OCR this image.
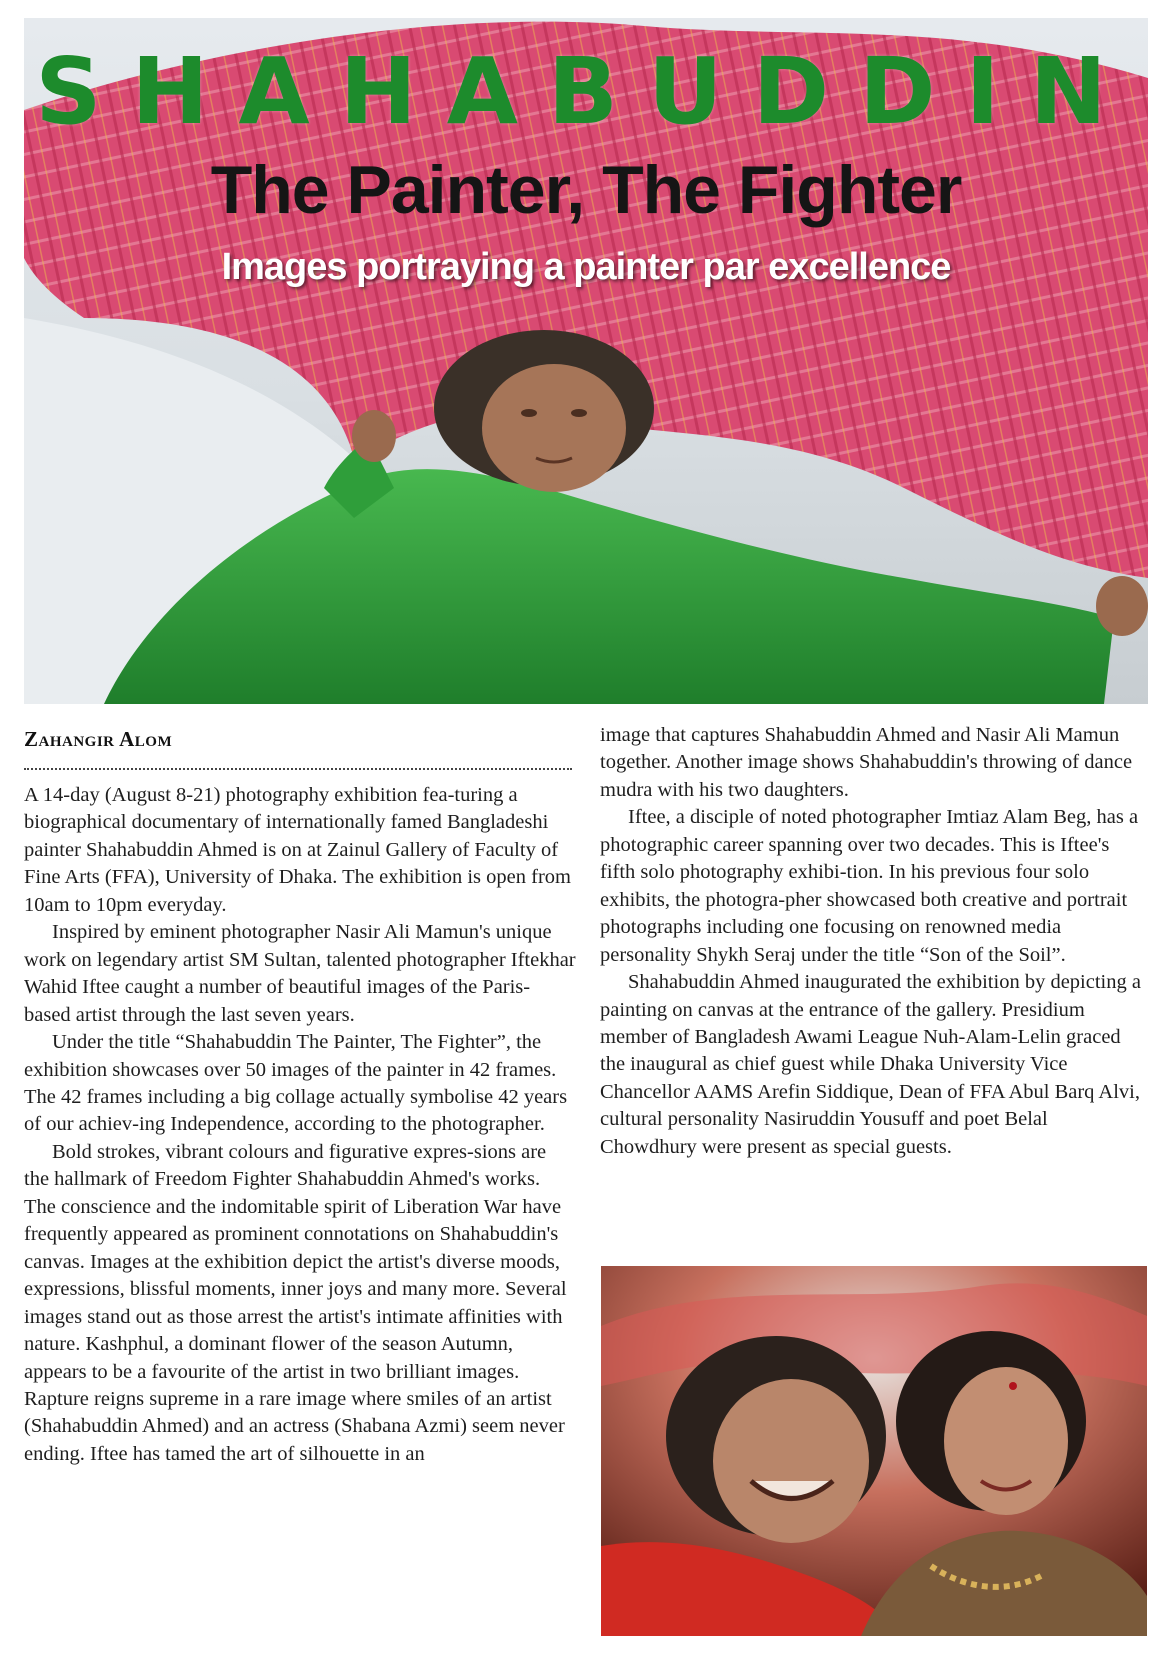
SHAHABUDDIN
The Painter, The Fighter
Images portraying a painter par excellence
Zahangir Alom

A 14-day (August 8-21) photography exhibition fea-turing a biographical documentary of internationally famed Bangladeshi painter Shahabuddin Ahmed is on at Zainul Gallery of Faculty of Fine Arts (FFA), University of Dhaka. The exhibition is open from 10am to 10pm everyday.

Inspired by eminent photographer Nasir Ali Mamun's unique work on legendary artist SM Sultan, talented photographer Iftekhar Wahid Iftee caught a number of beautiful images of the Paris-based artist through the last seven years.

Under the title “Shahabuddin The Painter, The Fighter”, the exhibition showcases over 50 images of the painter in 42 frames. The 42 frames including a big collage actually symbolise 42 years of our achiev-ing Independence, according to the photographer.

Bold strokes, vibrant colours and figurative expres-sions are the hallmark of Freedom Fighter Shahabuddin Ahmed's works. The conscience and the indomitable spirit of Liberation War have frequently appeared as prominent connotations on Shahabuddin's canvas. Images at the exhibition depict the artist's diverse moods, expressions, blissful moments, inner joys and many more. Several images stand out as those arrest the artist's intimate affinities with nature. Kashphul, a dominant flower of the season Autumn, appears to be a favourite of the artist in two brilliant images. Rapture reigns supreme in a rare image where smiles of an artist (Shahabuddin Ahmed) and an actress (Shabana Azmi) seem never ending. Iftee has tamed the art of silhouette in an

image that captures Shahabuddin Ahmed and Nasir Ali Mamun together. Another image shows Shahabuddin's throwing of dance mudra with his two daughters.

Iftee, a disciple of noted photographer Imtiaz Alam Beg, has a photographic career spanning over two decades. This is Iftee's fifth solo photography exhibi-tion. In his previous four solo exhibits, the photogra-pher showcased both creative and portrait photographs including one focusing on renowned media personality Shykh Seraj under the title “Son of the Soil”.

Shahabuddin Ahmed inaugurated the exhibition by depicting a painting on canvas at the entrance of the gallery. Presidium member of Bangladesh Awami League Nuh-Alam-Lelin graced the inaugural as chief guest while Dhaka University Vice Chancellor AAMS Arefin Siddique, Dean of FFA Abul Barq Alvi, cultural personality Nasiruddin Yousuff and poet Belal Chowdhury were present as special guests.
